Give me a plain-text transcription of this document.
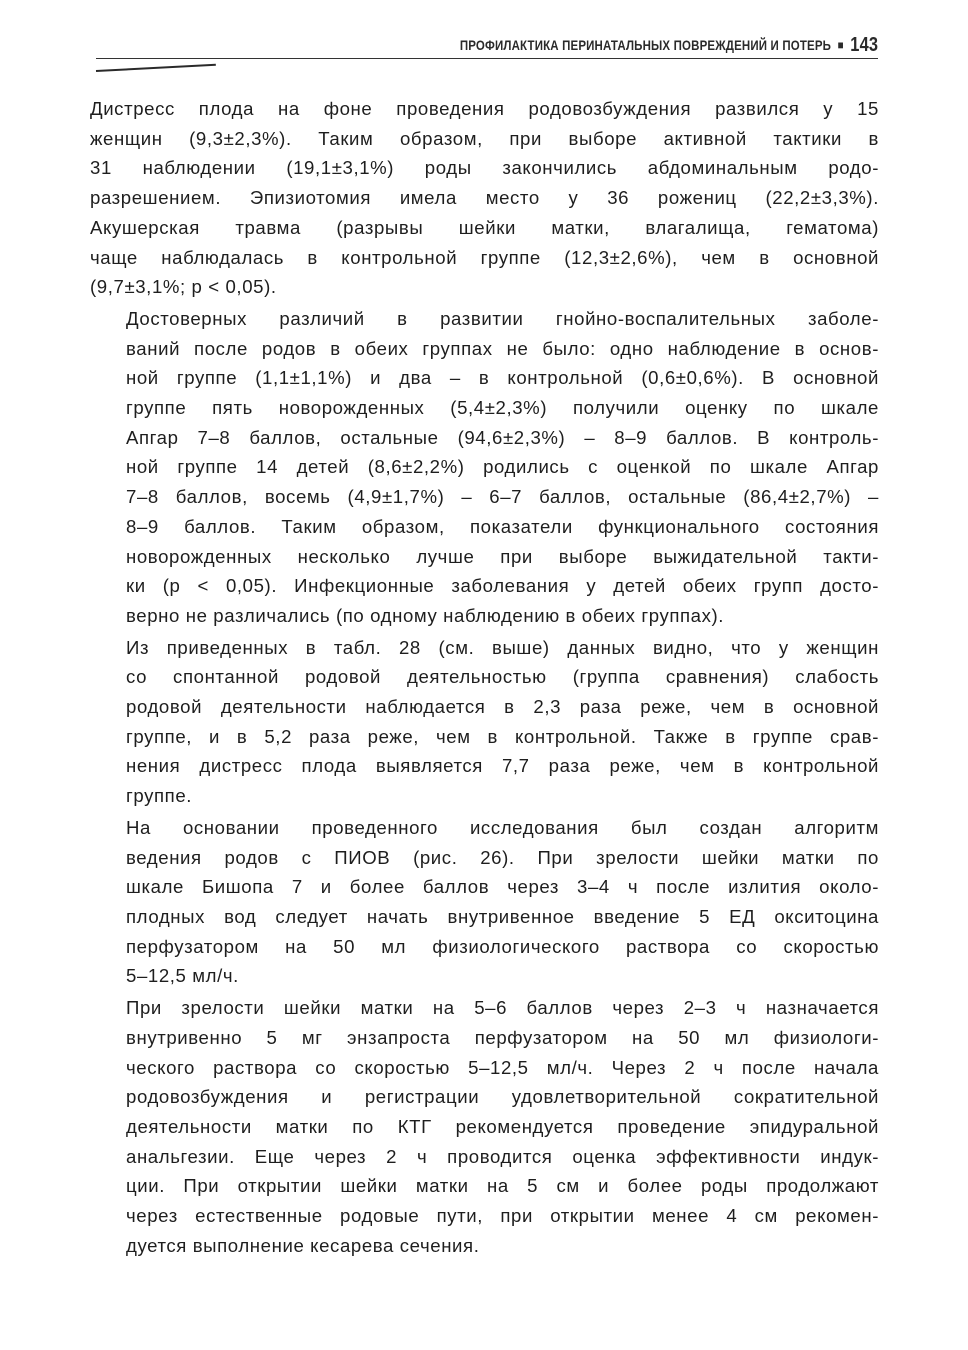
ПРОФИЛАКТИКА ПЕРИНАТАЛЬНЫХ ПОВРЕЖДЕНИЙ И ПОТЕРЬ ■ 143

Дистресс плода на фоне проведения родовозбуждения развился у 15
женщин (9,3±2,3%). Таким образом, при выборе активной тактики в
31 наблюдении (19,1±3,1%) роды закончились абдоминальным родо-
разрешением. Эпизиотомия имела место у 36 рожениц (22,2±3,3%).
Акушерская травма (разрывы шейки матки, влагалища, гематома)
чаще наблюдалась в контрольной группе (12,3±2,6%), чем в основной
(9,7±3,1%; p < 0,05).

Достоверных различий в развитии гнойно-воспалительных заболе-
ваний после родов в обеих группах не было: одно наблюдение в основ-
ной группе (1,1±1,1%) и два – в контрольной (0,6±0,6%). В основной
группе пять новорожденных (5,4±2,3%) получили оценку по шкале
Апгар 7–8 баллов, остальные (94,6±2,3%) – 8–9 баллов. В контроль-
ной группе 14 детей (8,6±2,2%) родились с оценкой по шкале Апгар
7–8 баллов, восемь (4,9±1,7%) – 6–7 баллов, остальные (86,4±2,7%) –
8–9 баллов. Таким образом, показатели функционального состояния
новорожденных несколько лучше при выборе выжидательной такти-
ки (p < 0,05). Инфекционные заболевания у детей обеих групп досто-
верно не различались (по одному наблюдению в обеих группах).

Из приведенных в табл. 28 (см. выше) данных видно, что у женщин
со спонтанной родовой деятельностью (группа сравнения) слабость
родовой деятельности наблюдается в 2,3 раза реже, чем в основной
группе, и в 5,2 раза реже, чем в контрольной. Также в группе срав-
нения дистресс плода выявляется 7,7 раза реже, чем в контрольной
группе.

На основании проведенного исследования был создан алгоритм
ведения родов с ПИОВ (рис. 26). При зрелости шейки матки по
шкале Бишопа 7 и более баллов через 3–4 ч после излития около-
плодных вод следует начать внутривенное введение 5 ЕД окситоцина
перфузатором на 50 мл физиологического раствора со скоростью
5–12,5 мл/ч.

При зрелости шейки матки на 5–6 баллов через 2–3 ч назначается
внутривенно 5 мг энзапроста перфузатором на 50 мл физиологи-
ческого раствора со скоростью 5–12,5 мл/ч. Через 2 ч после начала
родовозбуждения и регистрации удовлетворительной сократительной
деятельности матки по КТГ рекомендуется проведение эпидуральной
анальгезии. Еще через 2 ч проводится оценка эффективности индук-
ции. При открытии шейки матки на 5 см и более роды продолжают
через естественные родовые пути, при открытии менее 4 см рекомен-
дуется выполнение кесарева сечения.
